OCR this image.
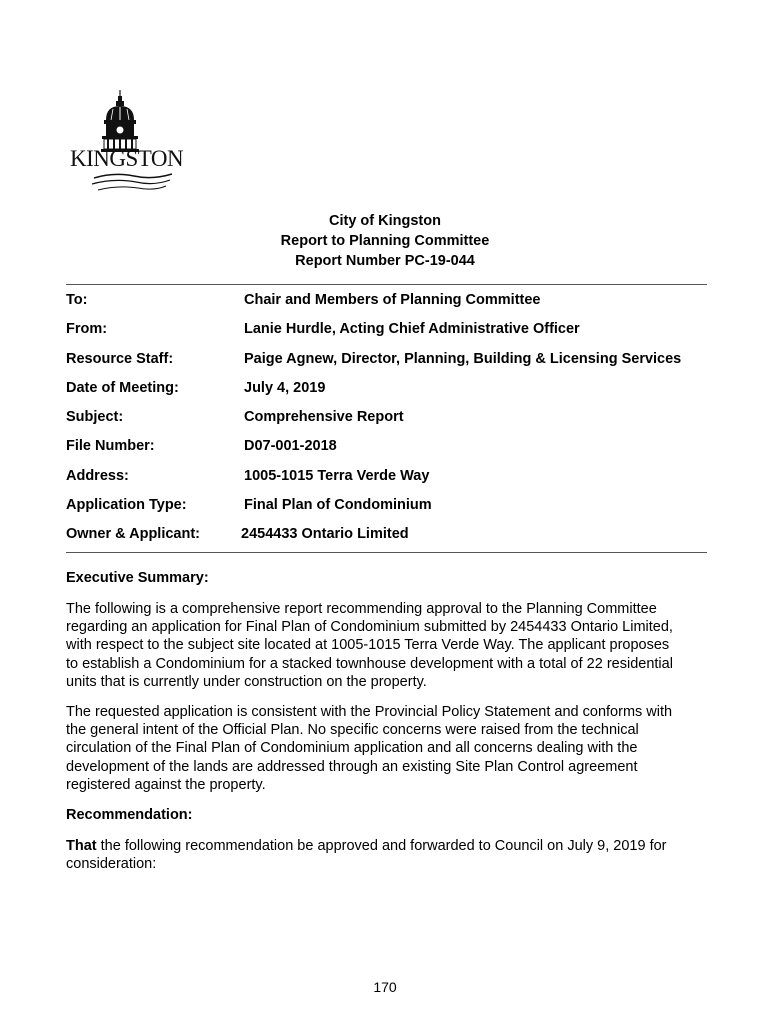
KINGSTON
City of Kingston
Report to Planning Committee
Report Number PC-19-044
To:	Chair and Members of Planning Committee
From:	Lanie Hurdle, Acting Chief Administrative Officer
Resource Staff:	Paige Agnew, Director, Planning, Building & Licensing Services
Date of Meeting:	July 4, 2019
Subject:	Comprehensive Report
File Number:	D07-001-2018
Address:	1005-1015 Terra Verde Way
Application Type:	Final Plan of Condominium
Owner & Applicant:	2454433 Ontario Limited
Executive Summary:
The following is a comprehensive report recommending approval to the Planning Committee
regarding an application for Final Plan of Condominium submitted by 2454433 Ontario Limited,
with respect to the subject site located at 1005-1015 Terra Verde Way. The applicant proposes
to establish a Condominium for a stacked townhouse development with a total of 22 residential
units that is currently under construction on the property.
The requested application is consistent with the Provincial Policy Statement and conforms with
the general intent of the Official Plan. No specific concerns were raised from the technical
circulation of the Final Plan of Condominium application and all concerns dealing with the
development of the lands are addressed through an existing Site Plan Control agreement
registered against the property.
Recommendation:
That the following recommendation be approved and forwarded to Council on July 9, 2019 for
consideration:
170
